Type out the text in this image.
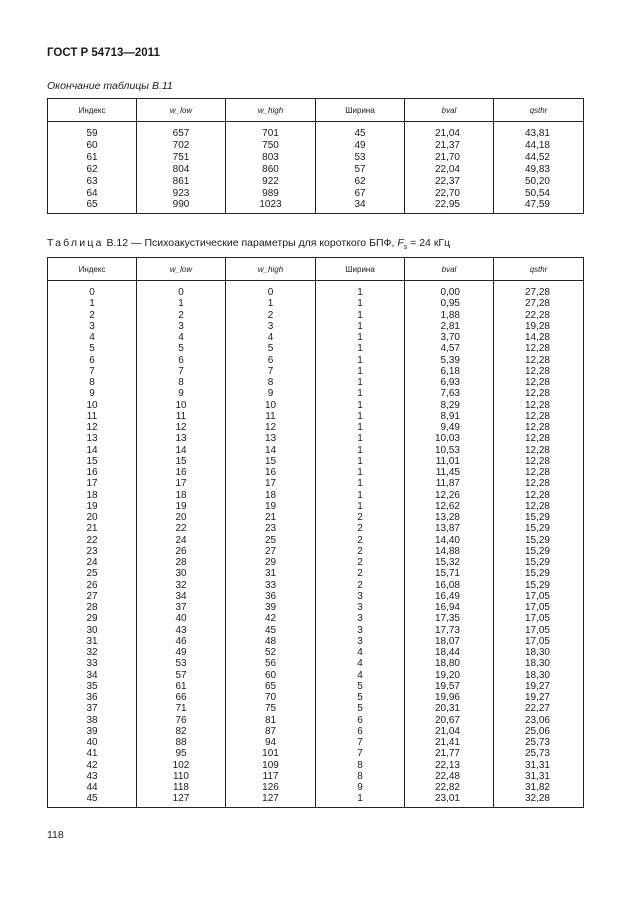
ГОСТ Р 54713—2011
Окончание таблицы В.11
Индекс	w_low	w_high	Ширина	bval	qsthr
59	657	701	45	21,04	43,81
60	702	750	49	21,37	44,18
61	751	803	53	21,70	44,52
62	804	860	57	22,04	49,83
63	861	922	62	22,37	50,20
64	923	989	67	22,70	50,54
65	990	1023	34	22,95	47,59
Таблица В.12 — Психоакустические параметры для короткого БПФ, $F_s = 24$ кГц
Индекс	w_low	w_high	Ширина	bval	qsthr
0	0	0	1	0,00	27,28
1	1	1	1	0,95	27,28
2	2	2	1	1,88	22,28
3	3	3	1	2,81	19,28
4	4	4	1	3,70	14,28
5	5	5	1	4,57	12,28
6	6	6	1	5,39	12,28
7	7	7	1	6,18	12,28
8	8	8	1	6,93	12,28
9	9	9	1	7,63	12,28
10	10	10	1	8,29	12,28
11	11	11	1	8,91	12,28
12	12	12	1	9,49	12,28
13	13	13	1	10,03	12,28
14	14	14	1	10,53	12,28
15	15	15	1	11,01	12,28
16	16	16	1	11,45	12,28
17	17	17	1	11,87	12,28
18	18	18	1	12,26	12,28
19	19	19	1	12,62	12,28
20	20	21	2	13,28	15,29
21	22	23	2	13,87	15,29
22	24	25	2	14,40	15,29
23	26	27	2	14,88	15,29
24	28	29	2	15,32	15,29
25	30	31	2	15,71	15,29
26	32	33	2	16,08	15,29
27	34	36	3	16,49	17,05
28	37	39	3	16,94	17,05
29	40	42	3	17,35	17,05
30	43	45	3	17,73	17,05
31	46	48	3	18,07	17,05
32	49	52	4	18,44	18,30
33	53	56	4	18,80	18,30
34	57	60	4	19,20	18,30
35	61	65	5	19,57	19,27
36	66	70	5	19,96	19,27
37	71	75	5	20,31	22,27
38	76	81	6	20,67	23,06
39	82	87	6	21,04	25,06
40	88	94	7	21,41	25,73
41	95	101	7	21,77	25,73
42	102	109	8	22,13	31,31
43	110	117	8	22,48	31,31
44	118	126	9	22,82	31,82
45	127	127	1	23,01	32,28
118
